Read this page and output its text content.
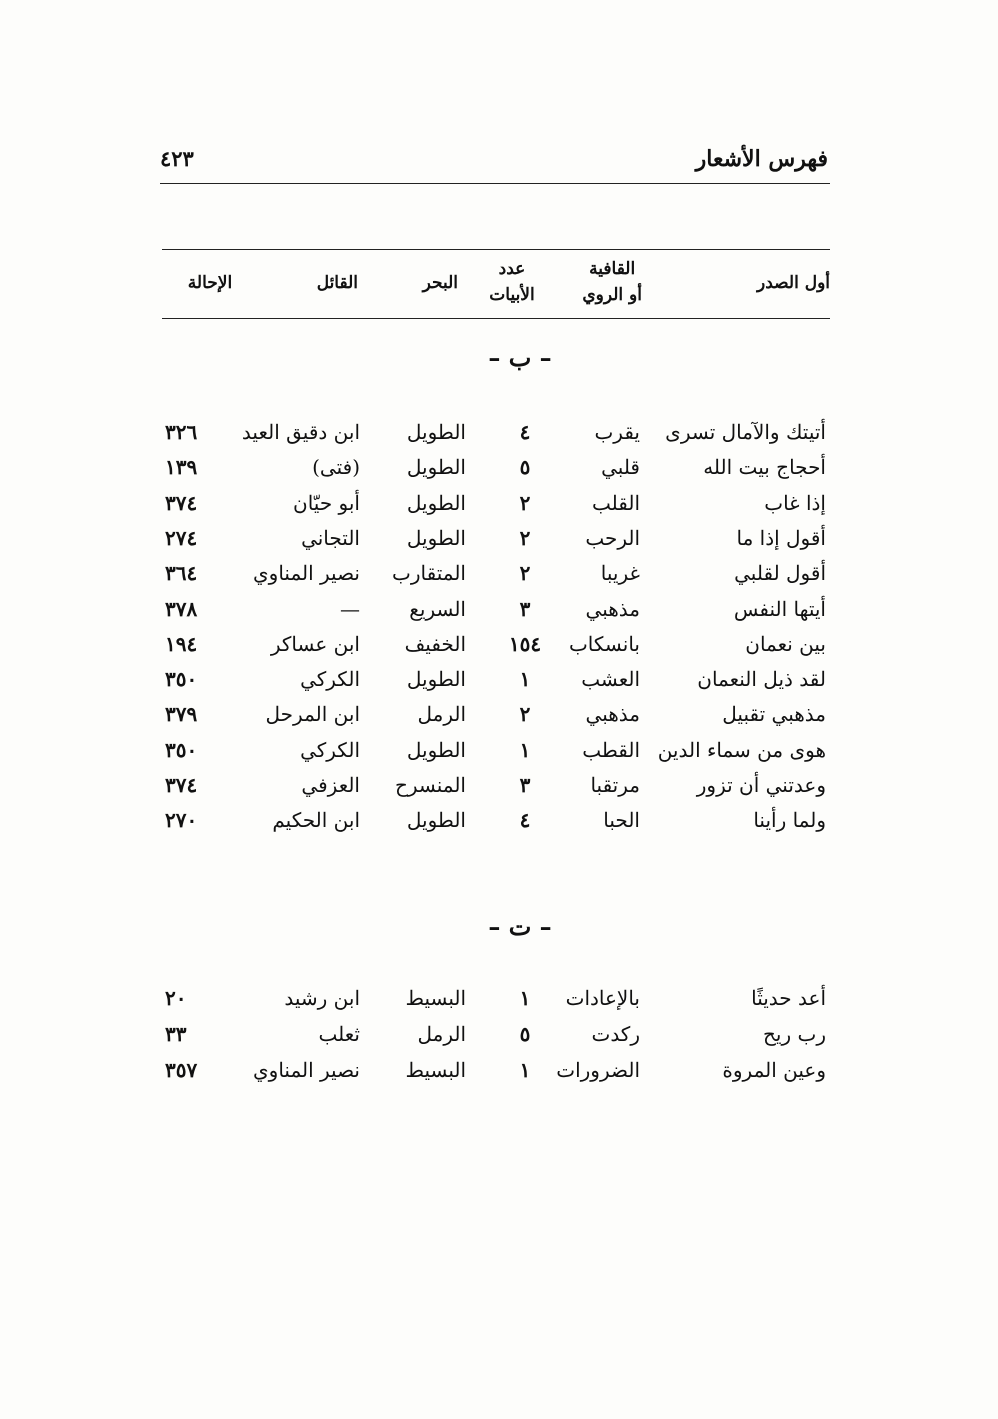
فهرس الأشعار
٤٢٣
أول الصدر
القافية
أو الروي
عدد
الأبيات
البحر
القائل
الإحالة
– ب –
أتيتك والآمال تسرى
يقرب
٤
الطويل
ابن دقيق العيد
٣٢٦
أحجاج بيت الله
قلبي
٥
الطويل
(فتى)
١٣٩
إذا غاب
القلب
٢
الطويل
أبو حيّان
٣٧٤
أقول إذا ما
الرحب
٢
الطويل
التجاني
٢٧٤
أقول لقلبي
غريبا
٢
المتقارب
نصير المناوي
٣٦٤
أيتها النفس
مذهبي
٣
السريع
—
٣٧٨
بين نعمان
بانسكاب
١٥٤
الخفيف
ابن عساكر
١٩٤
لقد ذيل النعمان
العشب
١
الطويل
الكركي
٣٥٠
مذهبي تقبيل
مذهبي
٢
الرمل
ابن المرحل
٣٧٩
هوى من سماء الدين
القطب
١
الطويل
الكركي
٣٥٠
وعدتني أن تزور
مرتقبا
٣
المنسرح
العزفي
٣٧٤
ولما رأينا
الحبا
٤
الطويل
ابن الحكيم
٢٧٠
– ت –
أعد حديثًا
بالإعادات
١
البسيط
ابن رشيد
٢٠
رب ريح
ركدت
٥
الرمل
ثعلب
٣٣
وعين المروة
الضرورات
١
البسيط
نصير المناوي
٣٥٧
